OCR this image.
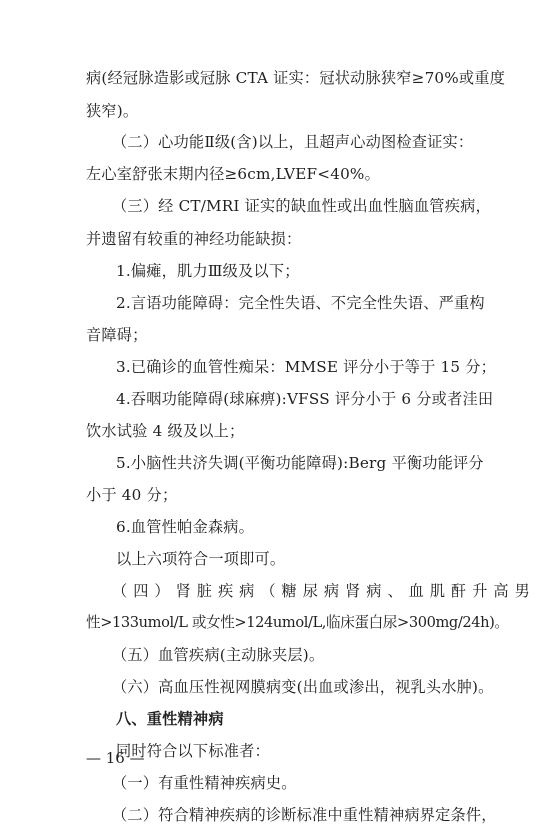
病(经冠脉造影或冠脉 CTA 证实：冠状动脉狭窄≥70%或重度
狭窄)。
（二）心功能Ⅱ级(含)以上，且超声心动图检查证实：
左心室舒张末期内径≥6cm,LVEF<40%。
（三）经 CT/MRI 证实的缺血性或出血性脑血管疾病，
并遗留有较重的神经功能缺损：
1.偏瘫，肌力Ⅲ级及以下；
2.言语功能障碍：完全性失语、不完全性失语、严重构
音障碍；
3.已确诊的血管性痴呆：MMSE 评分小于等于 15 分；
4.吞咽功能障碍(球麻痹):VFSS 评分小于 6 分或者洼田
饮水试验 4 级及以上；
5.小脑性共济失调(平衡功能障碍):Berg 平衡功能评分
小于 40 分；
6.血管性帕金森病。
以上六项符合一项即可。
（四）肾脏疾病（糖尿病肾病、血肌酐升高男
性>133umol/L 或女性>124umol/L,临床蛋白尿>300mg/24h)。
（五）血管疾病(主动脉夹层)。
（六）高血压性视网膜病变(出血或渗出，视乳头水肿)。
八、重性精神病
同时符合以下标准者：
（一）有重性精神疾病史。
（二）符合精神疾病的诊断标准中重性精神病界定条件，
— 16 —
